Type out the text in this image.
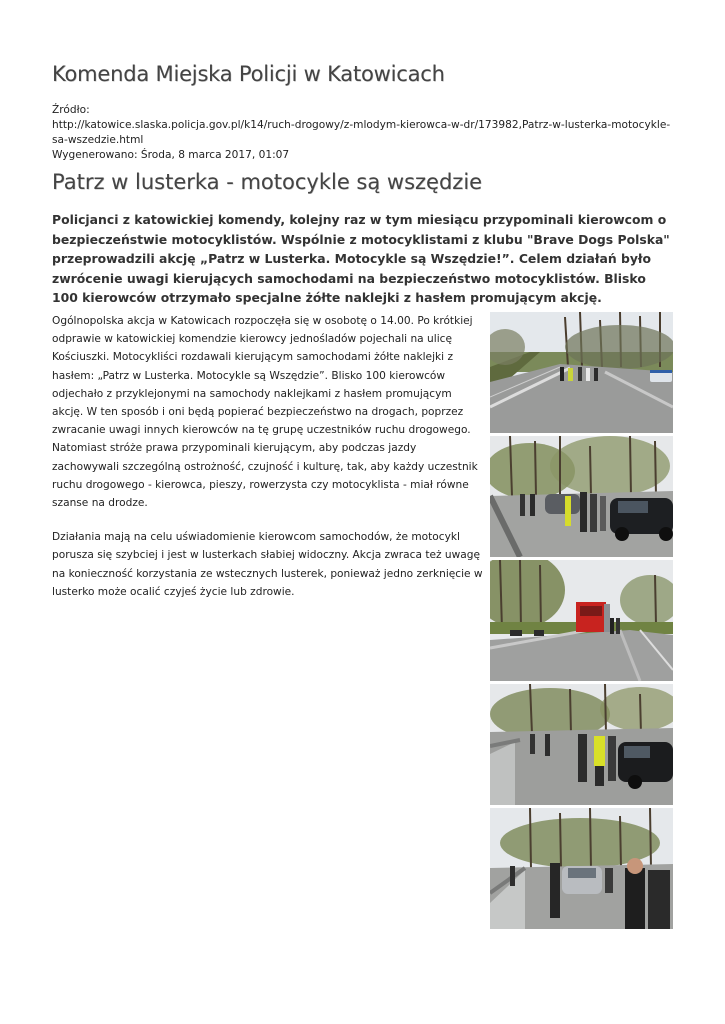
Komenda Miejska Policji w Katowicach
Źródło:
http://katowice.slaska.policja.gov.pl/k14/ruch-drogowy/z-mlodym-kierowca-w-dr/173982,Patrz-w-lusterka-motocykle-sa-wszedzie.html
Wygenerowano: Środa, 8 marca 2017, 01:07
Patrz w lusterka - motocykle są wszędzie
Policjanci z katowickiej komendy, kolejny raz w tym miesiącu przypominali kierowcom o bezpieczeństwie motocyklistów. Wspólnie z motocyklistami z klubu "Brave Dogs Polska" przeprowadzili akcję „Patrz w Lusterka. Motocykle są Wszędzie!”. Celem działań było zwrócenie uwagi kierujących samochodami na bezpieczeństwo motocyklistów. Blisko 100 kierowców otrzymało specjalne żółte naklejki z hasłem promującym akcję.

Ogólnopolska akcja w Katowicach rozpoczęła się w osobotę o 14.00. Po krótkiej odprawie w katowickiej komendzie kierowcy jednośladów pojechali na ulicę Kościuszki. Motocykliści rozdawali kierującym samochodami żółte naklejki z hasłem: „Patrz w Lusterka. Motocykle są Wszędzie”. Blisko 100 kierowców odjechało z przyklejonymi na samochody naklejkami z hasłem promującym akcję. W ten sposób i oni będą popierać bezpieczeństwo na drogach, poprzez zwracanie uwagi innych kierowców na tę grupę uczestników ruchu drogowego. Natomiast stróże prawa przypominali kierującym, aby podczas jazdy zachowywali szczególną ostrożność, czujność i kulturę, tak, aby każdy uczestnik ruchu drogowego - kierowca, pieszy, rowerzysta czy motocyklista - miał równe szanse na drodze.

Działania mają na celu uświadomienie kierowcom samochodów, że motocykl porusza się szybciej i jest w lusterkach słabiej widoczny. Akcja zwraca też uwagę na konieczność korzystania ze wstecznych lusterek, ponieważ jedno zerknięcie w lusterko może ocalić czyjeś życie lub zdrowie.
